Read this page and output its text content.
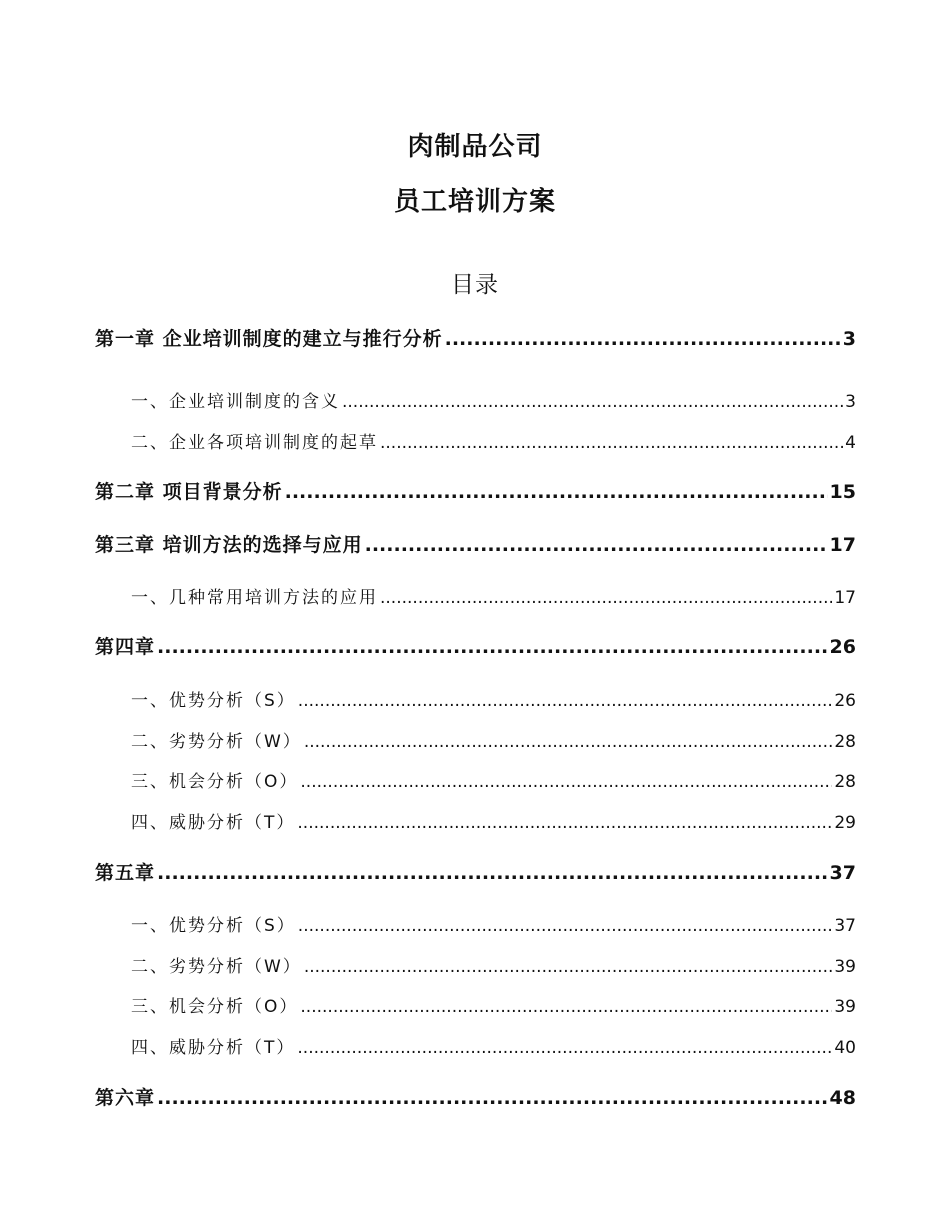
肉制品公司
员工培训方案
目录
第一章 企业培训制度的建立与推行分析 .....	3
一、 企业培训制度的含义 .....	3
二、 企业各项培训制度的起草 .....	4
第二章 项目背景分析 .....	15
第三章 培训方法的选择与应用 .....	17
一、 几种常用培训方法的应用 .....	17
第四章 .....	26
一、 优势分析（S） .....	26
二、 劣势分析（W） .....	28
三、 机会分析（O） .....	28
四、 威胁分析（T） .....	29
第五章 .....	37
一、 优势分析（S） .....	37
二、 劣势分析（W） .....	39
三、 机会分析（O） .....	39
四、 威胁分析（T） .....	40
第六章 .....	48
